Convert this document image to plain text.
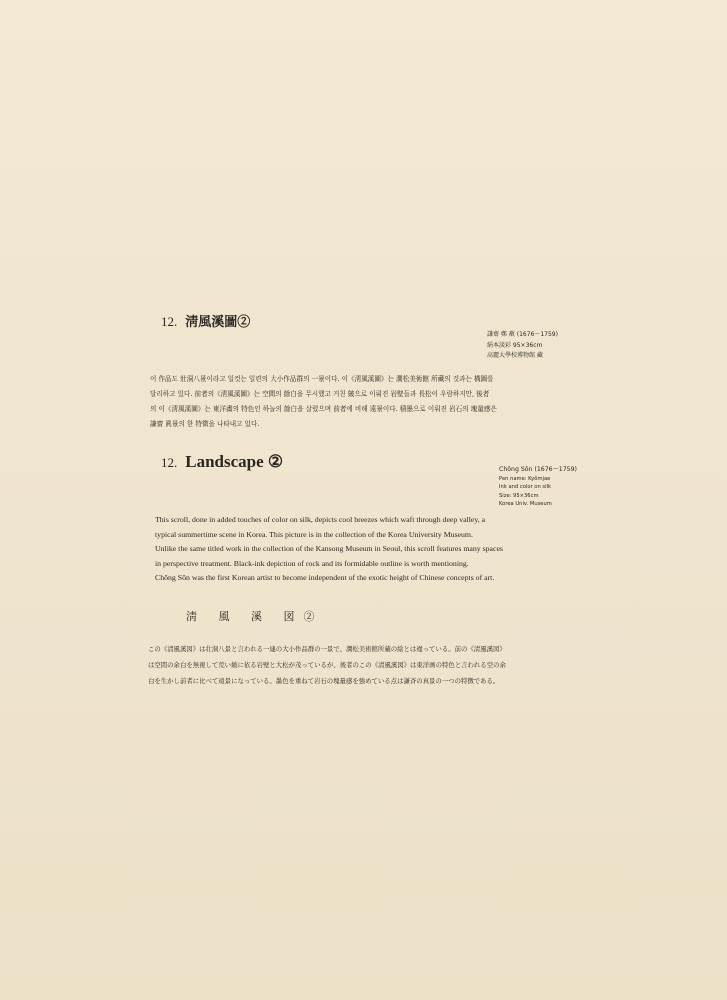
12. 淸風溪圖②
謙齋 鄭 敾 (1676～1759)
絹本淡彩 95×36cm
高麗大學校博物館 藏
이 作品도 壯洞八景이라고 일컷는 일련의 大小作品群의 一景이다. 이《淸風溪圖》는 澗松美術館 所藏의 것과는 構圖를
달리하고 있다. 前者의《淸風溪圖》는 空間의 餘白을 무시했고 거친 皴으로 이뤄진 岩壁들과 長松이 우람하지만, 後者
의 이《淸風溪圖》는 東洋畵의 特色인 하늘의 餘白을 살렸으며 前者에 비해 遠景이다. 積墨으로 이뤄진 岩石의 塊量感은
謙齋 眞景의 한 特徵을 나타내고 있다.
12. Landscape ②	Chŏng Sŏn (1676～1759)
Pen name: Kyŏmjae
Ink and color on silk
Size: 95×36cm
Korea Univ. Museum
This scroll, done in added touches of color on silk, depicts cool breezes which waft through deep valley, a
typical summertime scene in Korea. This picture is in the collection of the Korea University Museum.
Unlike the same titled work in the collection of the Kansong Museum in Seoul, this scroll features many spaces
in perspective treatment. Black-ink depiction of rock and its formidable outline is worth mentioning.
Chŏng Sŏn was the first Korean artist to become independent of the exotic height of Chinese concepts of art.
淸 風 溪 図②
この《淸風溪図》は壮洞八景と言われる一連の大小作品群の一景で、澗松美術館所蔵の絵とは違っている。前の《淸風溪図》
は空間の余白を無視して荒い皴に依る岩壁と大松が茂っているが、後者のこの《淸風溪図》は東洋画の特色と言われる空の余
白を生かし前者に比べて遠景になっている。墨色を重ねて岩石の塊量感を強めている点は謙斉の真景の一つの特徴である。
